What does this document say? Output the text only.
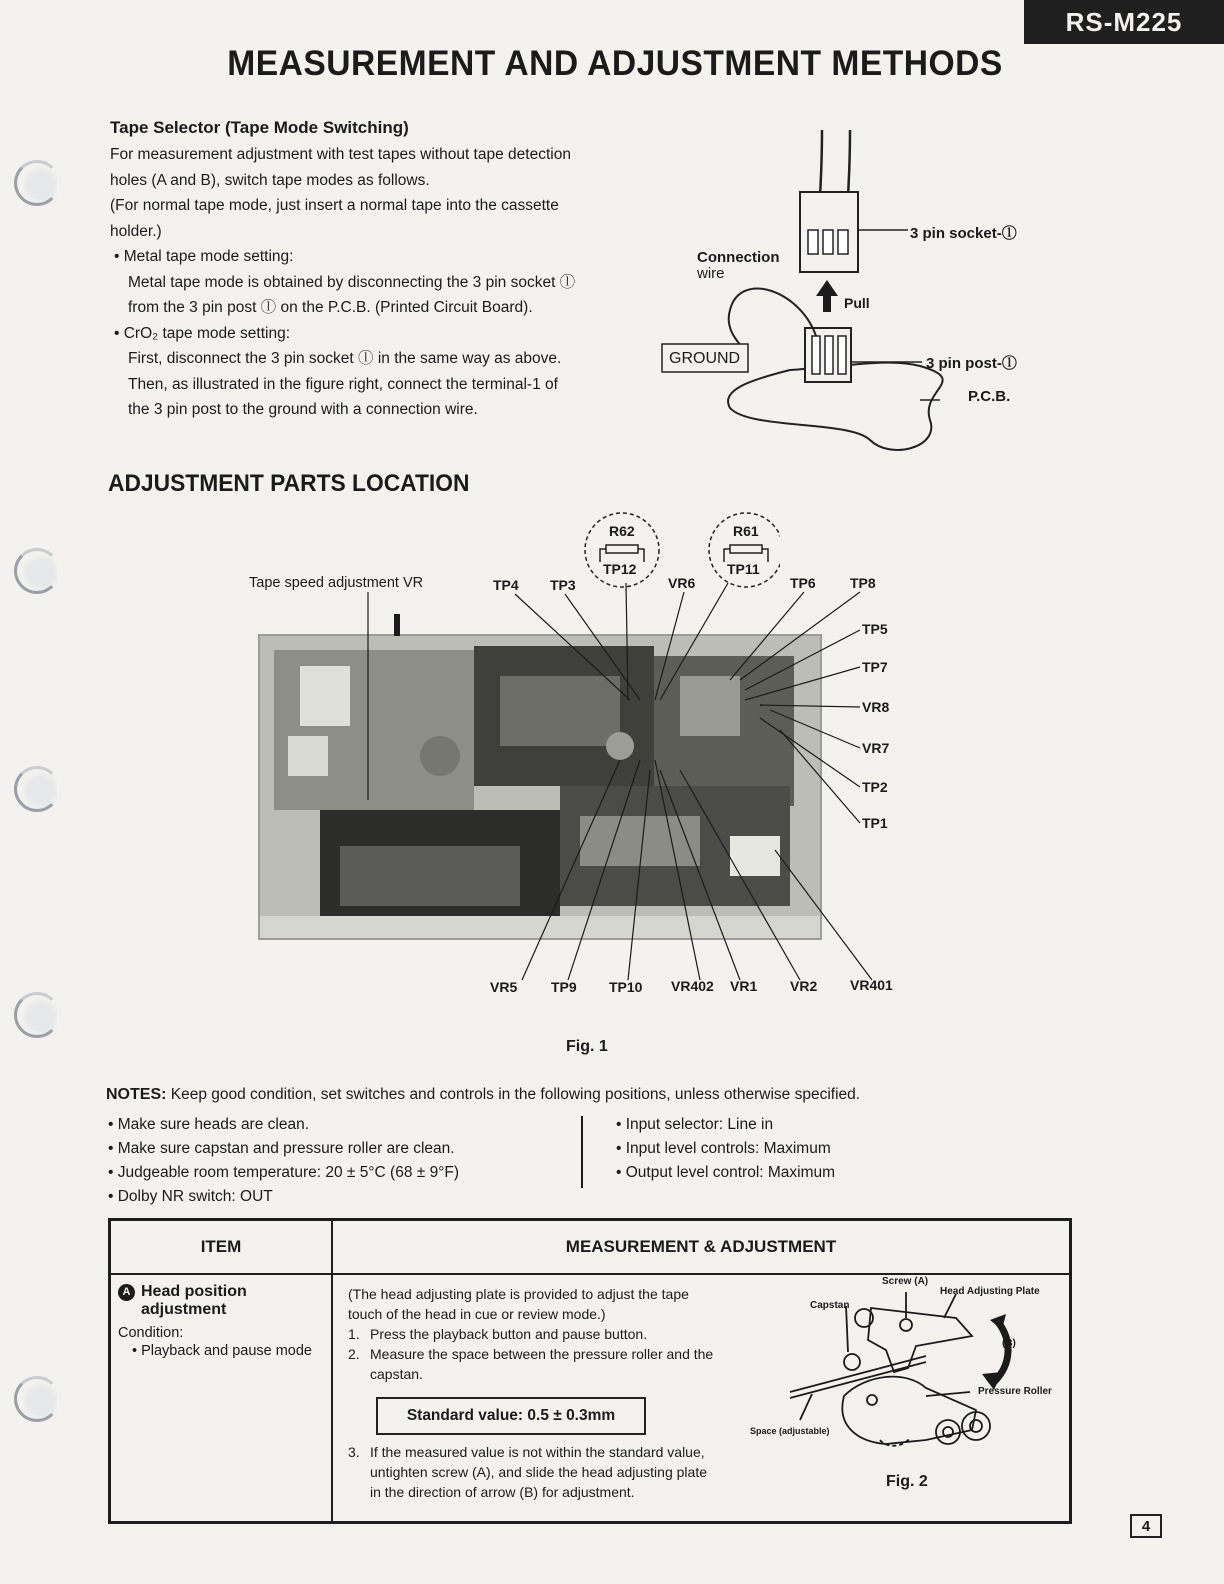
RS-M225
MEASUREMENT AND ADJUSTMENT METHODS
Tape Selector (Tape Mode Switching)
For measurement adjustment with test tapes without tape detection
holes (A and B), switch tape modes as follows.
(For normal tape mode, just insert a normal tape into the cassette
holder.)
• Metal tape mode setting:
Metal tape mode is obtained by disconnecting the 3 pin socket ⓛ
from the 3 pin post ⓛ on the P.C.B. (Printed Circuit Board).
• CrO₂ tape mode setting:
First, disconnect the 3 pin socket ⓛ in the same way as above.
Then, as illustrated in the figure right, connect the terminal-1 of
the 3 pin post to the ground with a connection wire.
3 pin socket-ⓛ
Connection
wire
Pull
GROUND	3 pin post-ⓛ
P.C.B.
ADJUSTMENT PARTS LOCATION
R62
TP12
R61
TP11
Tape speed adjustment VR	TP4 TP3	VR6	TP6 TP8
TP5
TP7
VR8
VR7
TP2
TP1
VR5 TP9 TP10 VR402 VR1 VR2 VR401
Fig. 1
NOTES: Keep good condition, set switches and controls in the following positions, unless otherwise specified.
• Make sure heads are clean.
• Make sure capstan and pressure roller are clean.
• Judgeable room temperature: 20 ± 5°C (68 ± 9°F)
• Dolby NR switch: OUT
• Input selector: Line in
• Input level controls: Maximum
• Output level control: Maximum
ITEM	MEASUREMENT & ADJUSTMENT

A Head position
adjustment
Condition:
• Playback and pause mode
(The head adjusting plate is provided to adjust the tape
touch of the head in cue or review mode.)
1. Press the playback button and pause button.
2. Measure the space between the pressure roller and the
capstan.
Standard value: 0.5 ± 0.3mm
3. If the measured value is not within the standard value,
untighten screw (A), and slide the head adjusting plate
in the direction of arrow (B) for adjustment.
Screw (A)
Head Adjusting Plate
Capstan
(B)
Pressure Roller
Space (adjustable)
Fig. 2
4
